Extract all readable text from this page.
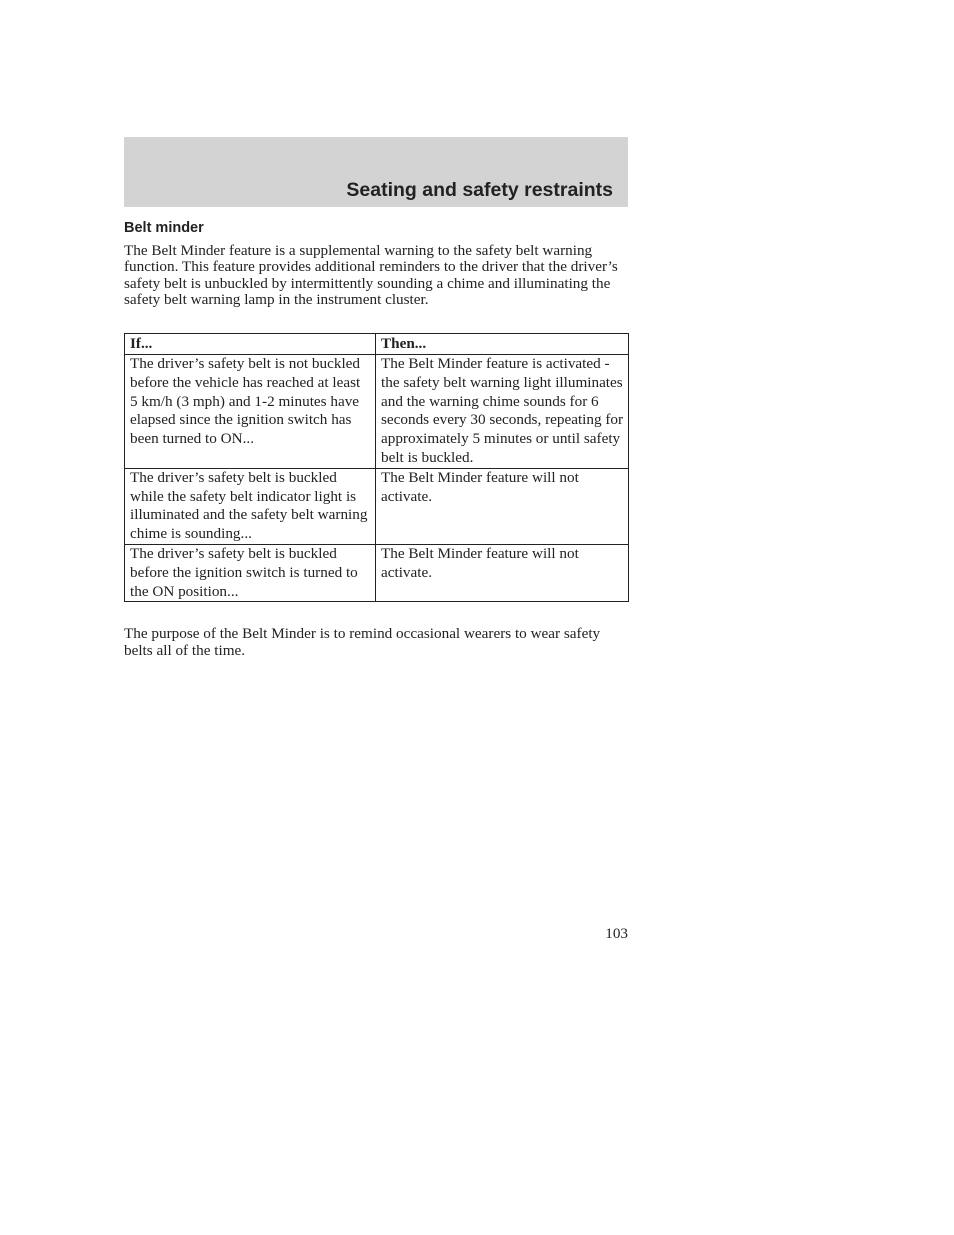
Seating and safety restraints
Belt minder

The Belt Minder feature is a supplemental warning to the safety belt warning function. This feature provides additional reminders to the driver that the driver’s safety belt is unbuckled by intermittently sounding a chime and illuminating the safety belt warning lamp in the instrument cluster.

If...	Then...
The driver’s safety belt is not buckled before the vehicle has reached at least 5 km/h (3 mph) and 1-2 minutes have elapsed since the ignition switch has been turned to ON...	The Belt Minder feature is activated - the safety belt warning light illuminates and the warning chime sounds for 6 seconds every 30 seconds, repeating for approximately 5 minutes or until safety belt is buckled.
The driver’s safety belt is buckled while the safety belt indicator light is illuminated and the safety belt warning chime is sounding...	The Belt Minder feature will not activate.
The driver’s safety belt is buckled before the ignition switch is turned to the ON position...	The Belt Minder feature will not activate.

The purpose of the Belt Minder is to remind occasional wearers to wear safety belts all of the time.

103
